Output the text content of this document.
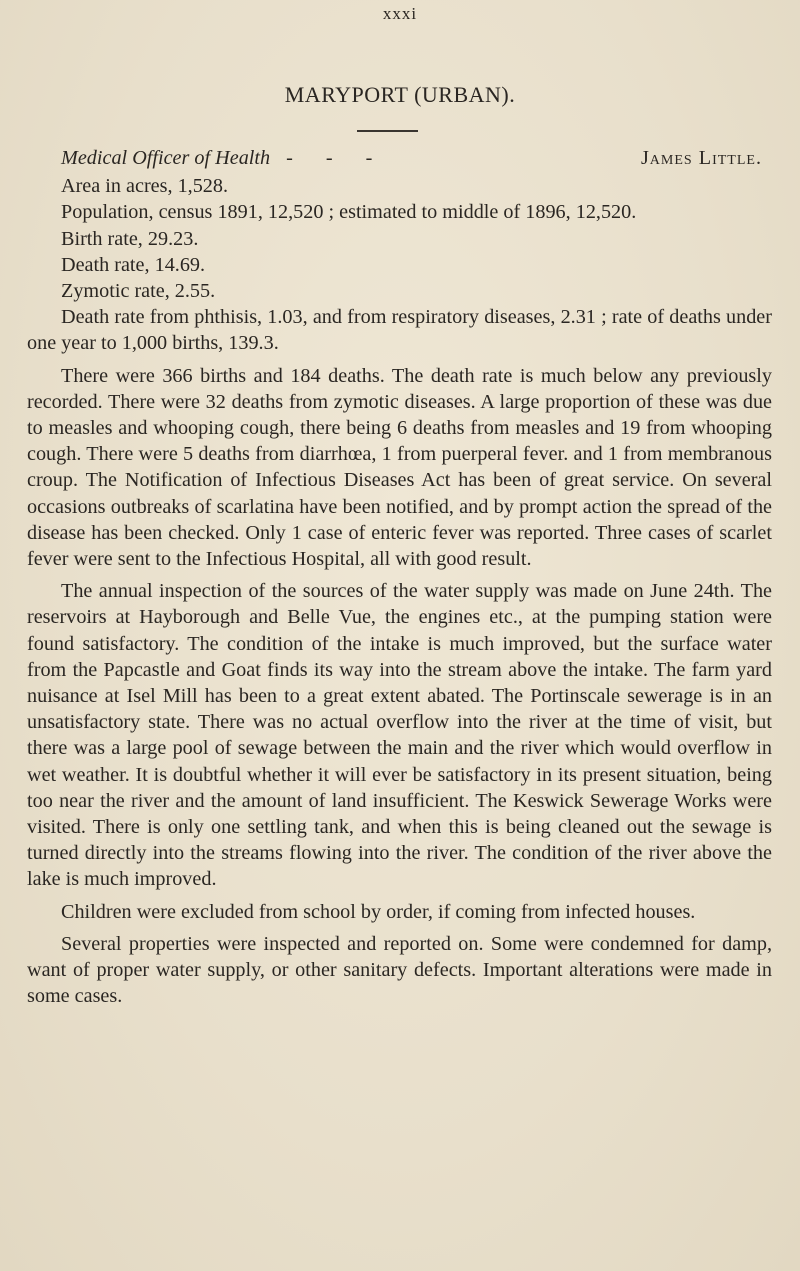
xxxi
MARYPORT (URBAN).
Medical Officer of Health - - -	James Little.

Area in acres, 1,528.

Population, census 1891, 12,520 ; estimated to middle of 1896, 12,520.

Birth rate, 29.23.

Death rate, 14.69.

Zymotic rate, 2.55.

Death rate from phthisis, 1.03, and from respiratory diseases, 2.31 ; rate of deaths under one year to 1,000 births, 139.3.

There were 366 births and 184 deaths. The death rate is much below any previously recorded. There were 32 deaths from zymotic diseases. A large proportion of these was due to measles and whooping cough, there being 6 deaths from measles and 19 from whooping cough. There were 5 deaths from diarrhœa, 1 from puerperal fever. and 1 from membranous croup. The Notification of Infectious Diseases Act has been of great service. On several occasions outbreaks of scarlatina have been notified, and by prompt action the spread of the disease has been checked. Only 1 case of enteric fever was reported. Three cases of scarlet fever were sent to the Infectious Hospital, all with good result.

The annual inspection of the sources of the water supply was made on June 24th. The reservoirs at Hayborough and Belle Vue, the engines etc., at the pumping station were found satisfactory. The condition of the intake is much improved, but the surface water from the Papcastle and Goat finds its way into the stream above the intake. The farm yard nuisance at Isel Mill has been to a great extent abated. The Portinscale sewerage is in an unsatisfactory state. There was no actual overflow into the river at the time of visit, but there was a large pool of sewage between the main and the river which would overflow in wet weather. It is doubtful whether it will ever be satisfactory in its present situation, being too near the river and the amount of land insufficient. The Keswick Sewerage Works were visited. There is only one settling tank, and when this is being cleaned out the sewage is turned directly into the streams flowing into the river. The condition of the river above the lake is much improved.

Children were excluded from school by order, if coming from infected houses.

Several properties were inspected and reported on. Some were condemned for damp, want of proper water supply, or other sanitary defects. Important alterations were made in some cases.
